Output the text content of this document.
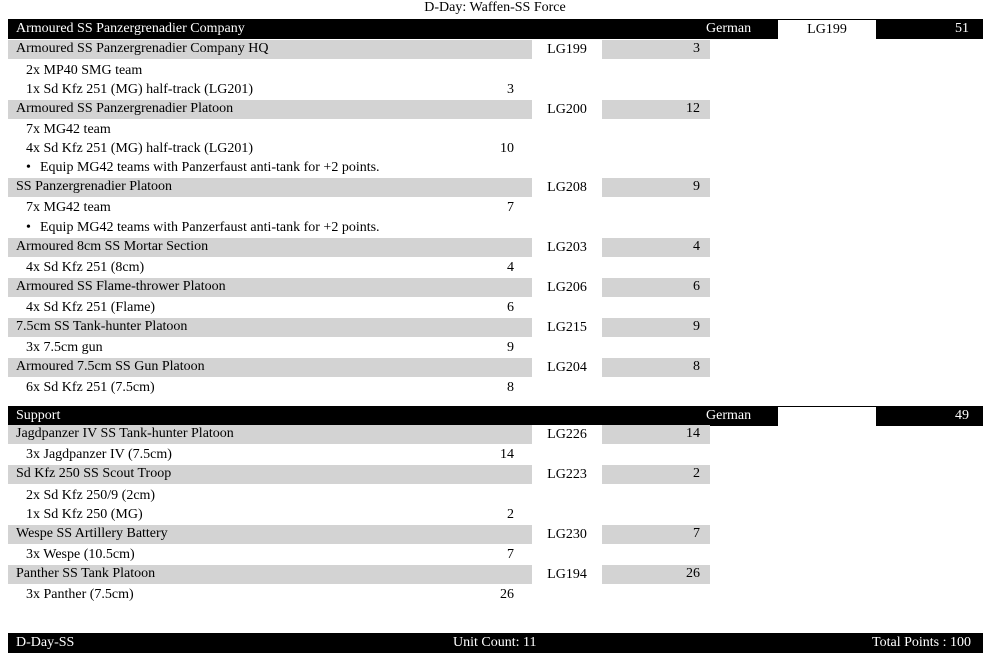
D-Day: Waffen-SS Force
Armoured SS Panzergrenadier Company	German	LG199	51
Armoured SS Panzergrenadier Company HQ	LG199	3
2x MP40 SMG team
1x Sd Kfz 251 (MG) half-track (LG201)	3
Armoured SS Panzergrenadier Platoon	LG200	12
7x MG42 team
4x Sd Kfz 251 (MG) half-track (LG201)	10
• Equip MG42 teams with Panzerfaust anti-tank for +2 points.
SS Panzergrenadier Platoon	LG208	9
7x MG42 team	7
• Equip MG42 teams with Panzerfaust anti-tank for +2 points.
Armoured 8cm SS Mortar Section	LG203	4
4x Sd Kfz 251 (8cm)	4
Armoured SS Flame-thrower Platoon	LG206	6
4x Sd Kfz 251 (Flame)	6
7.5cm SS Tank-hunter Platoon	LG215	9
3x 7.5cm gun	9
Armoured 7.5cm SS Gun Platoon	LG204	8
6x Sd Kfz 251 (7.5cm)	8
Support	German	49
Jagdpanzer IV SS Tank-hunter Platoon	LG226	14
3x Jagdpanzer IV (7.5cm)	14
Sd Kfz 250 SS Scout Troop	LG223	2
2x Sd Kfz 250/9 (2cm)
1x Sd Kfz 250 (MG)	2
Wespe SS Artillery Battery	LG230	7
3x Wespe (10.5cm)	7
Panther SS Tank Platoon	LG194	26
3x Panther (7.5cm)	26
D-Day-SS	Unit Count: 11	Total Points : 100
